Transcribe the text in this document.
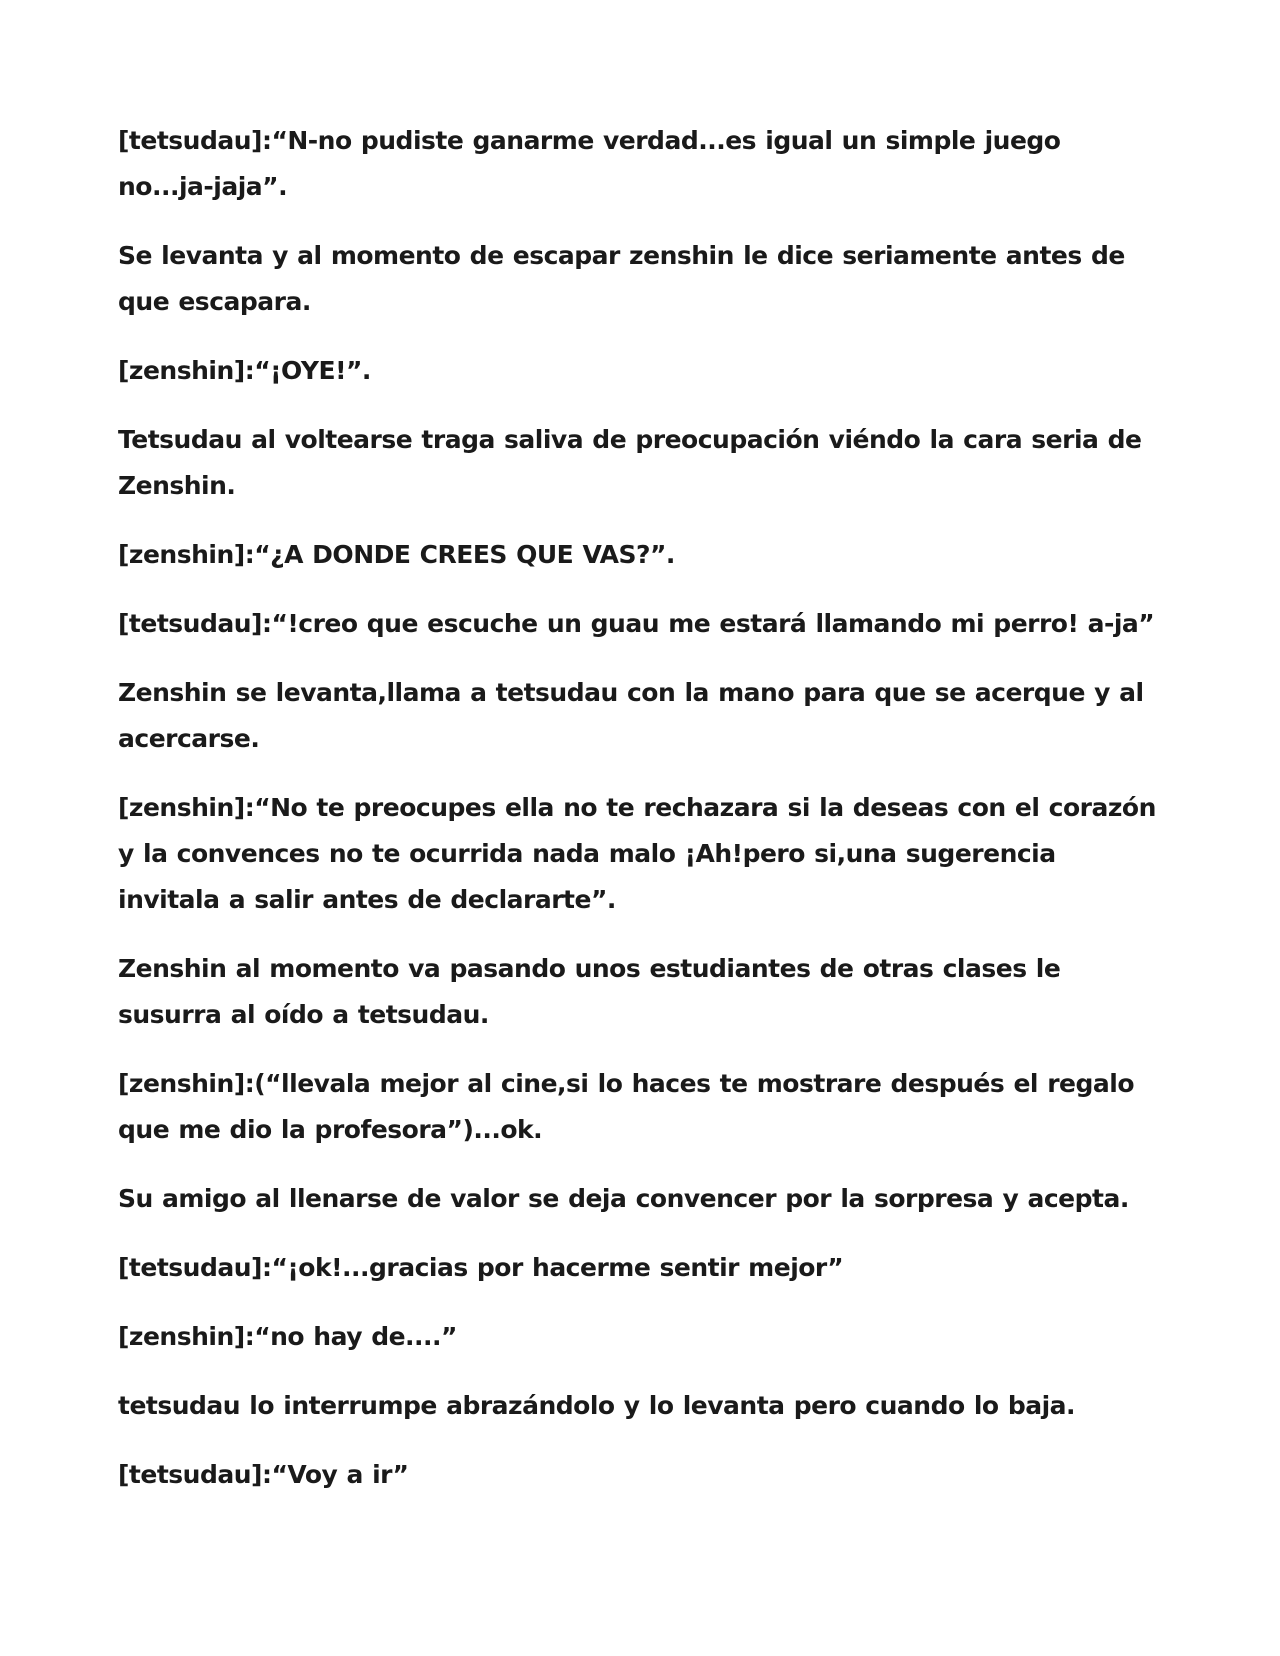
[tetsudau]:“N-no pudiste ganarme verdad...es igual un simple juego no...ja-jaja”.

Se levanta y al momento de escapar zenshin le dice seriamente antes de que escapara.

[zenshin]:“¡OYE!”.

Tetsudau al voltearse traga saliva de preocupación viéndo la cara seria de Zenshin.

[zenshin]:“¿A DONDE CREES QUE VAS?”.

[tetsudau]:“!creo que escuche un guau me estará llamando mi perro! a-ja”

Zenshin se levanta,llama a tetsudau con la mano para que se acerque y al acercarse.

[zenshin]:“No te preocupes ella no te rechazara si la deseas con el corazón y la convences no te ocurrida nada malo ¡Ah!pero si,una sugerencia invitala a salir antes de declararte”.

Zenshin al momento va pasando unos estudiantes de otras clases le susurra al oído a tetsudau.

[zenshin]:(“llevala mejor al cine,si lo haces te mostrare después el regalo que me dio la profesora”)...ok.

Su amigo al llenarse de valor se deja convencer por la sorpresa y acepta.

[tetsudau]:“¡ok!...gracias por hacerme sentir mejor”

[zenshin]:“no hay de....”

tetsudau lo interrumpe abrazándolo y lo levanta pero cuando lo baja.

[tetsudau]:“Voy a ir”
